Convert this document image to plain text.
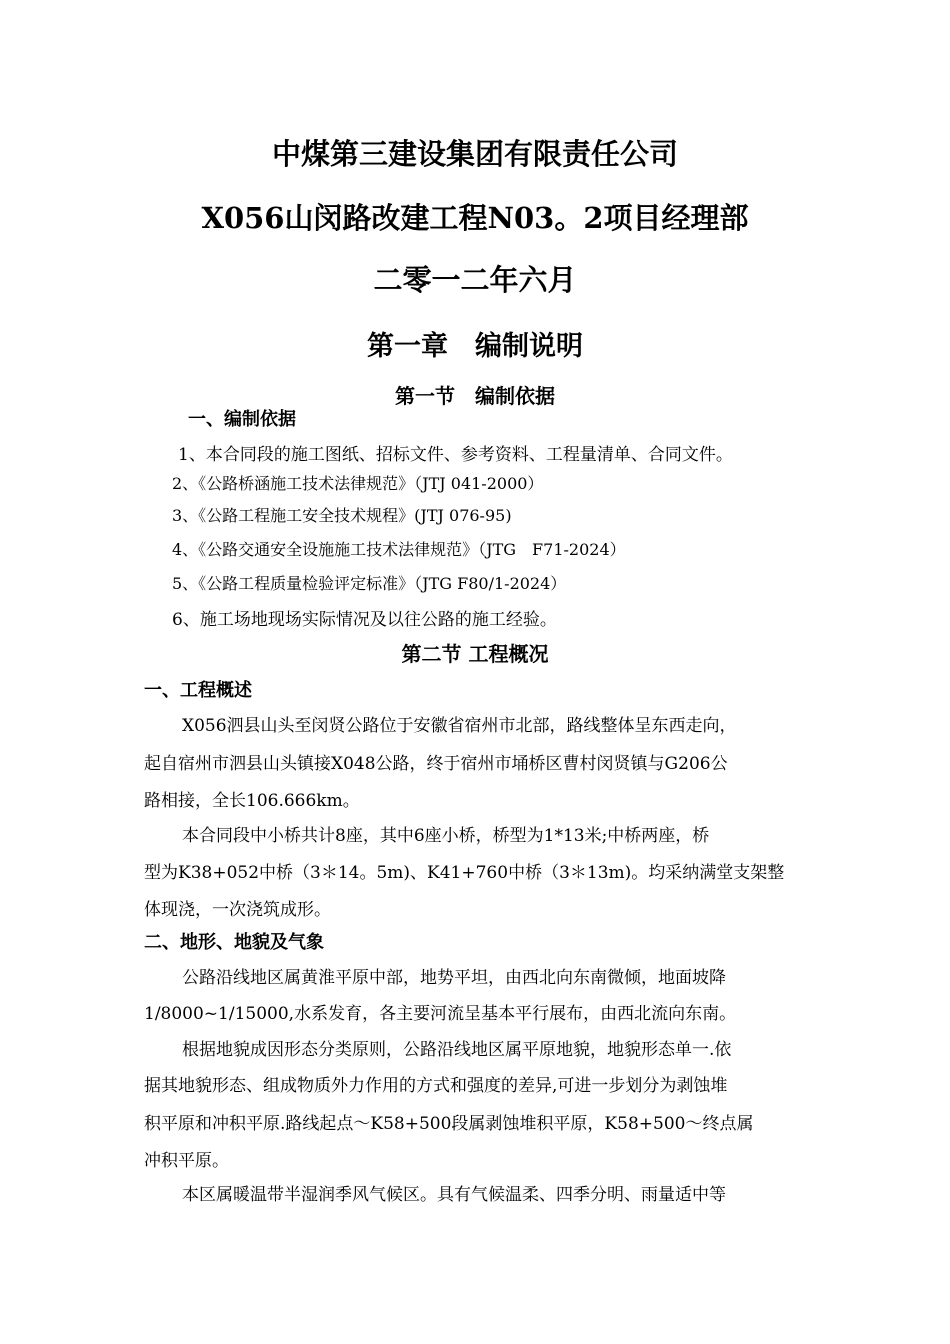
中煤第三建设集团有限责任公司

X056山闵路改建工程N03。2项目经理部

二零一二年六月

第一章　编制说明

第一节　编制依据

一、编制依据

1、本合同段的施工图纸、招标文件、参考资料、工程量清单、合同文件。

2、《公路桥涵施工技术法律规范》（JTJ 041-2000）

3、《公路工程施工安全技术规程》(JTJ 076-95)

4、《公路交通安全设施施工技术法律规范》（JTG　F71-2024）

5、《公路工程质量检验评定标准》（JTG F80/1-2024）

6、施工场地现场实际情况及以往公路的施工经验。

第二节 工程概况

一、工程概述

X056泗县山头至闵贤公路位于安徽省宿州市北部，路线整体呈东西走向，

起自宿州市泗县山头镇接X048公路，终于宿州市埇桥区曹村闵贤镇与G206公

路相接，全长106.666km。

本合同段中小桥共计8座，其中6座小桥，桥型为1*13米;中桥两座，桥

型为K38+052中桥（3＊14。5m)、K41+760中桥（3＊13m)。均采纳满堂支架整

体现浇，一次浇筑成形。

二、地形、地貌及气象

公路沿线地区属黄淮平原中部，地势平坦，由西北向东南微倾，地面坡降

1/8000~1/15000,水系发育，各主要河流呈基本平行展布，由西北流向东南。

根据地貌成因形态分类原则，公路沿线地区属平原地貌，地貌形态单一.依

据其地貌形态、组成物质外力作用的方式和强度的差异,可进一步划分为剥蚀堆

积平原和冲积平原.路线起点～K58+500段属剥蚀堆积平原，K58+500～终点属

冲积平原。

本区属暖温带半湿润季风气候区。具有气候温柔、四季分明、雨量适中等
